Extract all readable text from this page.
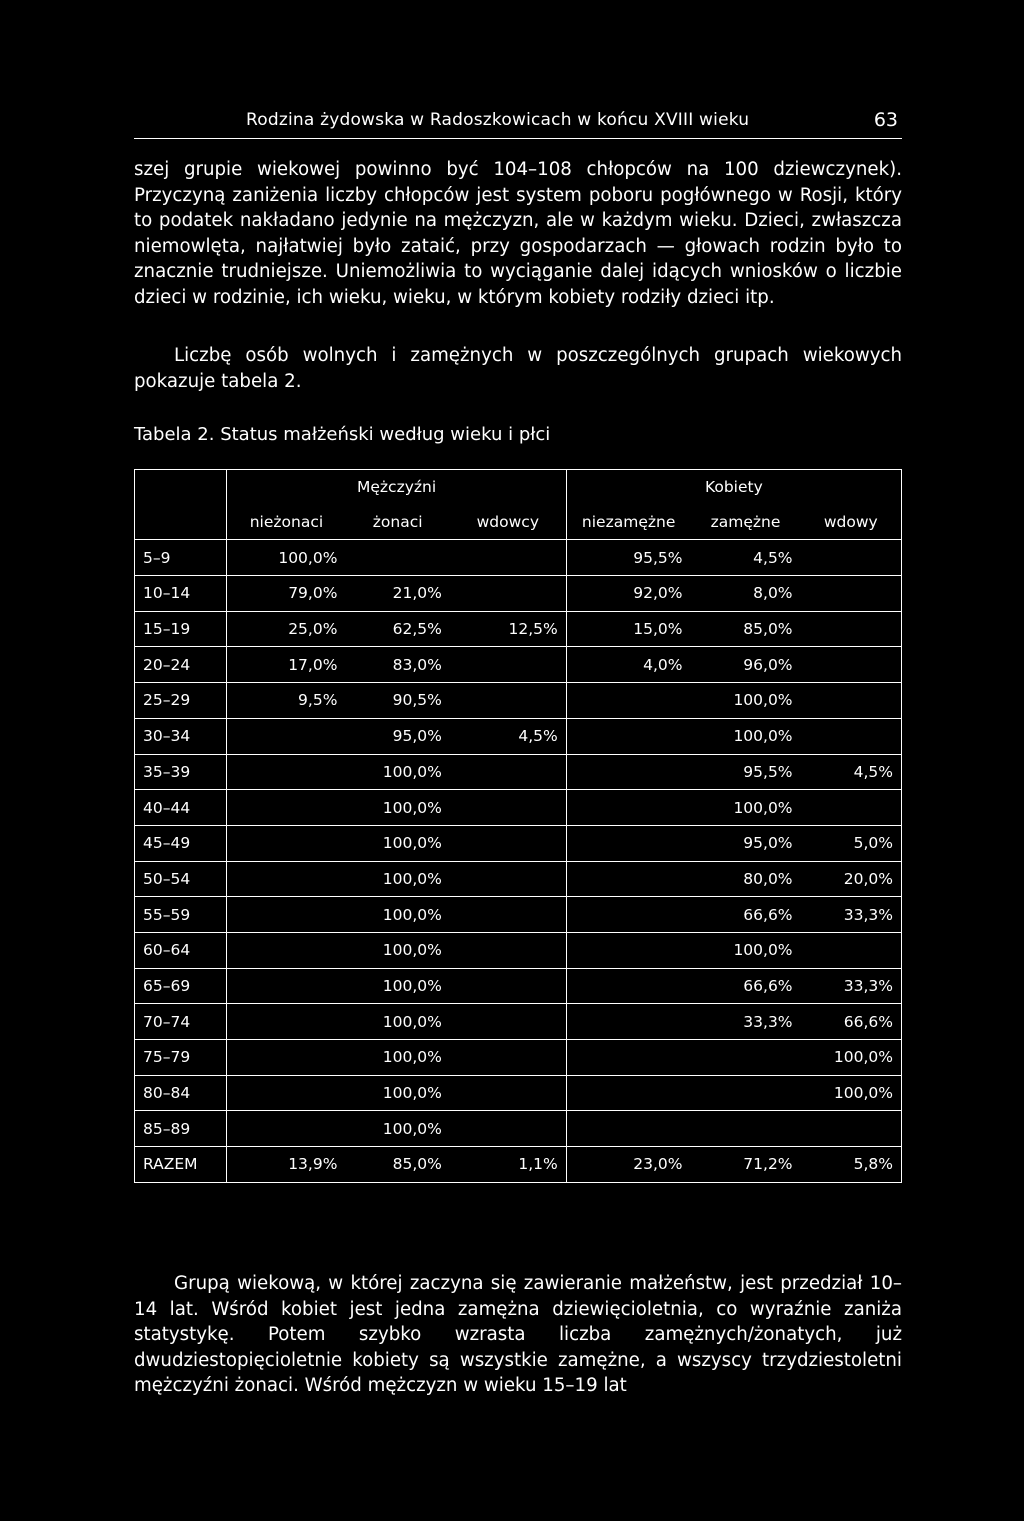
Rodzina żydowska w Radoszkowicach w końcu XVIII wieku	63

szej grupie wiekowej powinno być 104–108 chłopców na 100 dziewczynek). Przyczyną zaniżenia liczby chłopców jest system poboru pogłównego w Rosji, który to podatek nakładano jedynie na mężczyzn, ale w każdym wieku. Dzieci, zwłaszcza niemowlęta, najłatwiej było zataić, przy gospodarzach — głowach rodzin było to znacznie trudniejsze. Uniemożliwia to wyciąganie dalej idących wniosków o liczbie dzieci w rodzinie, ich wieku, wieku, w którym kobiety rodziły dzieci itp.

Liczbę osób wolnych i zamężnych w poszczególnych grupach wiekowych pokazuje tabela 2.

Tabela 2. Status małżeński według wieku i płci
	Mężczyźni			Kobiety		
	nieżonaci	żonaci	wdowcy	niezamężne	zamężne	wdowy
5–9	100,0%			95,5%	4,5%	
10–14	79,0%	21,0%		92,0%	8,0%	
15–19	25,0%	62,5%	12,5%	15,0%	85,0%	
20–24	17,0%	83,0%		4,0%	96,0%	
25–29	9,5%	90,5%			100,0%	
30–34		95,0%	4,5%		100,0%	
35–39		100,0%			95,5%	4,5%
40–44		100,0%			100,0%	
45–49		100,0%			95,0%	5,0%
50–54		100,0%			80,0%	20,0%
55–59		100,0%			66,6%	33,3%
60–64		100,0%			100,0%	
65–69		100,0%			66,6%	33,3%
70–74		100,0%			33,3%	66,6%
75–79		100,0%				100,0%
80–84		100,0%				100,0%
85–89		100,0%				
RAZEM	13,9%	85,0%	1,1%	23,0%	71,2%	5,8%

Grupą wiekową, w której zaczyna się zawieranie małżeństw, jest przedział 10–14 lat. Wśród kobiet jest jedna zamężna dziewięcioletnia, co wyraźnie zaniża statystykę. Potem szybko wzrasta liczba zamężnych/żonatych, już dwudziestopięcioletnie kobiety są wszystkie zamężne, a wszyscy trzydziestoletni mężczyźni żonaci. Wśród mężczyzn w wieku 15–19 lat
